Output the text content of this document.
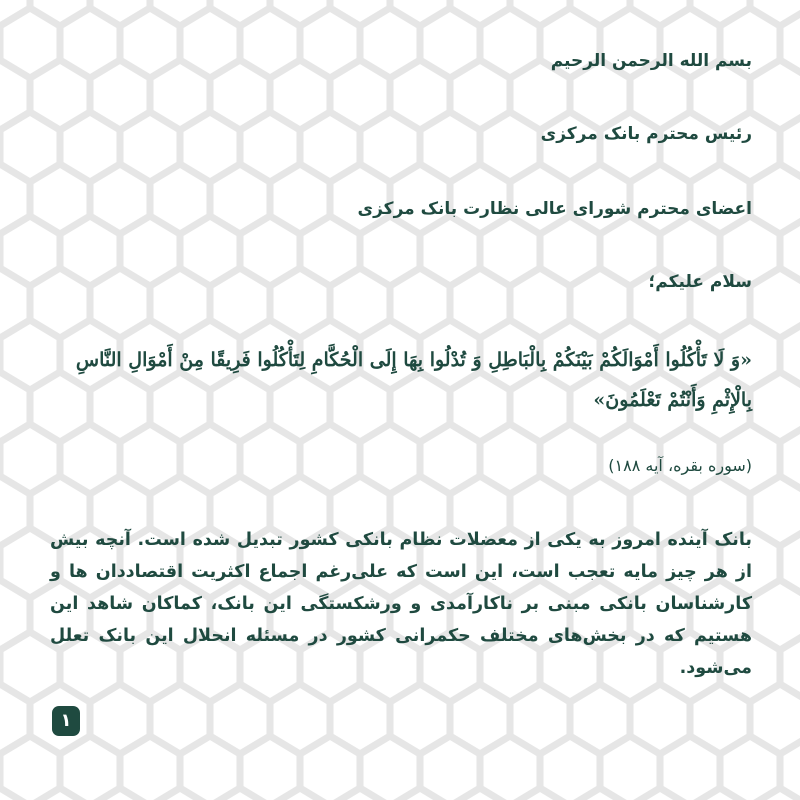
بسم الله الرحمن الرحیم
رئیس محترم بانک مرکزی
اعضای محترم شورای عالی نظارت بانک مرکزی
سلام علیکم؛
«وَ لَا تَأْكُلُوا أَمْوَالَكُمْ بَيْنَكُمْ بِالْبَاطِلِ وَ تُدْلُوا بِهَا إِلَى الْحُكَّامِ لِتَأْكُلُوا فَرِيقًا مِنْ أَمْوَالِ النَّاسِ بِالْإِثْمِ وَأَنْتُمْ تَعْلَمُونَ»
(سوره بقره، آیه ۱۸۸)
بانک آینده امروز به یکی از معضلات نظام بانکی کشور تبدیل شده است. آنچه بیش از هر چیز مایه تعجب است، این است که علی‌رغم اجماع اکثریت اقتصاددان ها و کارشناسان بانکی مبنی بر ناکارآمدی و ورشکستگی این بانک، کماکان شاهد این هستیم که در بخش‌های مختلف حکمرانی کشور در مسئله انحلال این بانک تعلل می‌شود.
۱
